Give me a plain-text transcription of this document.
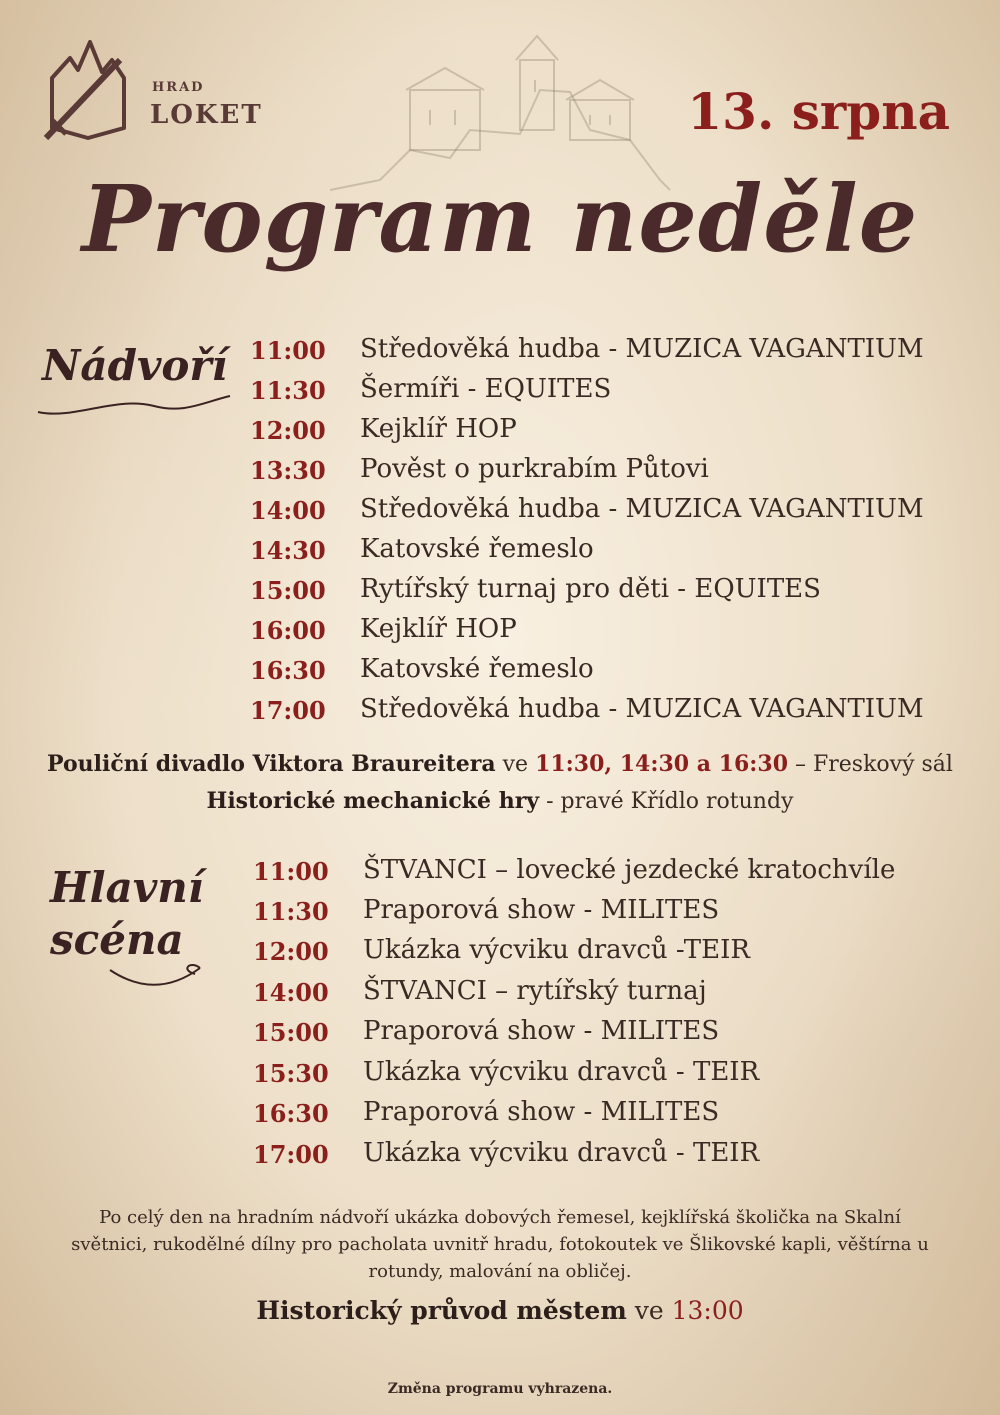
HRAD
LOKET	13. srpna
Program neděle
Nádvoří 11:00 Středověká hudba - MUZICA VAGANTIUM
11:30 Šermíři - EQUITES
12:00 Kejklíř HOP
13:30 Pověst o purkrabím Půtovi
14:00 Středověká hudba - MUZICA VAGANTIUM
14:30 Katovské řemeslo
15:00 Rytířský turnaj pro děti - EQUITES
16:00 Kejklíř HOP
16:30 Katovské řemeslo
17:00 Středověká hudba - MUZICA VAGANTIUM
Pouliční divadlo Viktora Braureitera ve 11:30, 14:30 a 16:30 – Freskový sál
Historické mechanické hry - pravé Křídlo rotundy
Hlavní
scéna
11:00 ŠTVANCI – lovecké jezdecké kratochvíle
11:30 Praporová show - MILITES
12:00 Ukázka výcviku dravců -TEIR
14:00 ŠTVANCI – rytířský turnaj
15:00 Praporová show - MILITES
15:30 Ukázka výcviku dravců - TEIR
16:30 Praporová show - MILITES
17:00 Ukázka výcviku dravců - TEIR
Po celý den na hradním nádvoří ukázka dobových řemesel, kejklířská školička na Skalní světnici, rukodělné dílny pro pacholata uvnitř hradu, fotokoutek ve Šlikovské kapli, věštírna u rotundy, malování na obličej.
Historický průvod městem ve 13:00
Změna programu vyhrazena.
